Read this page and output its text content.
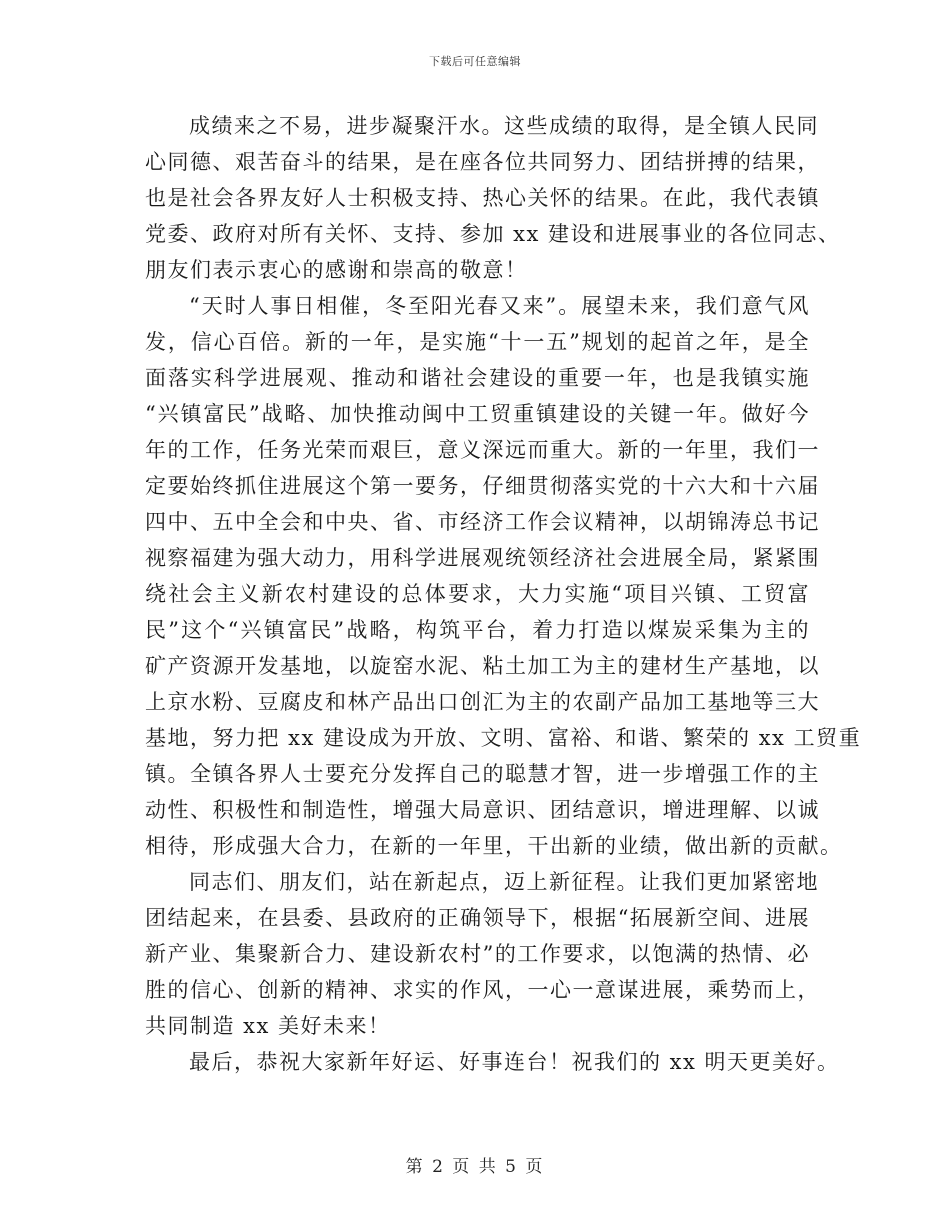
下载后可任意编辑
成绩来之不易，进步凝聚汗水。这些成绩的取得，是全镇人民同
心同德、艰苦奋斗的结果，是在座各位共同努力、团结拼搏的结果，
也是社会各界友好人士积极支持、热心关怀的结果。在此，我代表镇
党委、政府对所有关怀、支持、参加 xx 建设和进展事业的各位同志、
朋友们表示衷心的感谢和崇高的敬意！
“天时人事日相催，冬至阳光春又来”。展望未来，我们意气风
发，信心百倍。新的一年，是实施“十一五”规划的起首之年，是全
面落实科学进展观、推动和谐社会建设的重要一年，也是我镇实施
“兴镇富民”战略、加快推动闽中工贸重镇建设的关键一年。做好今
年的工作，任务光荣而艰巨，意义深远而重大。新的一年里，我们一
定要始终抓住进展这个第一要务，仔细贯彻落实党的十六大和十六届
四中、五中全会和中央、省、市经济工作会议精神，以胡锦涛总书记
视察福建为强大动力，用科学进展观统领经济社会进展全局，紧紧围
绕社会主义新农村建设的总体要求，大力实施“项目兴镇、工贸富
民”这个“兴镇富民”战略，构筑平台，着力打造以煤炭采集为主的
矿产资源开发基地，以旋窑水泥、粘土加工为主的建材生产基地，以
上京水粉、豆腐皮和林产品出口创汇为主的农副产品加工基地等三大
基地，努力把 xx 建设成为开放、文明、富裕、和谐、繁荣的 xx 工贸重
镇。全镇各界人士要充分发挥自己的聪慧才智，进一步增强工作的主
动性、积极性和制造性，增强大局意识、团结意识，增进理解、以诚
相待，形成强大合力，在新的一年里，干出新的业绩，做出新的贡献。
同志们、朋友们，站在新起点，迈上新征程。让我们更加紧密地
团结起来，在县委、县政府的正确领导下，根据“拓展新空间、进展
新产业、集聚新合力、建设新农村”的工作要求，以饱满的热情、必
胜的信心、创新的精神、求实的作风，一心一意谋进展，乘势而上，
共同制造 xx 美好未来！
最后，恭祝大家新年好运、好事连台！祝我们的 xx 明天更美好。
第 2 页 共 5 页
